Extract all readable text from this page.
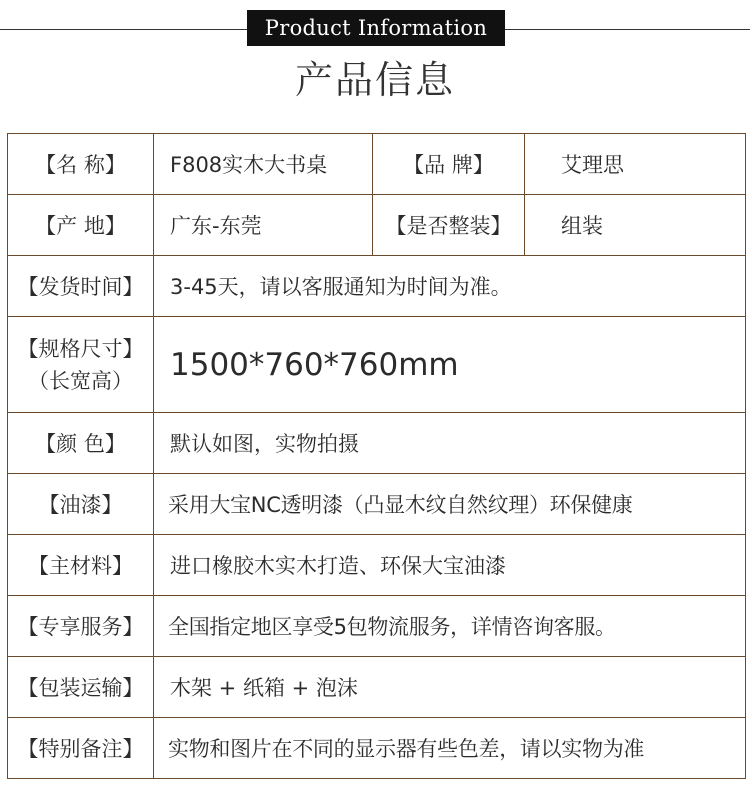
Product Information
产品信息
【名 称】	F808实木大书桌	【品 牌】	艾理思
【产 地】	广东-东莞	【是否整装】	组装
【发货时间】	3-45天，请以客服通知为时间为准。		

【规格尺寸】
（长宽高）	1500*760*760mm		
【颜 色】	默认如图，实物拍摄		
【油漆】	采用大宝NC透明漆（凸显木纹自然纹理）环保健康		
【主材料】	进口橡胶木实木打造、环保大宝油漆		
【专享服务】	全国指定地区享受5包物流服务，详情咨询客服。		
【包装运输】	木架 + 纸箱 + 泡沫		
【特别备注】	实物和图片在不同的显示器有些色差，请以实物为准		
